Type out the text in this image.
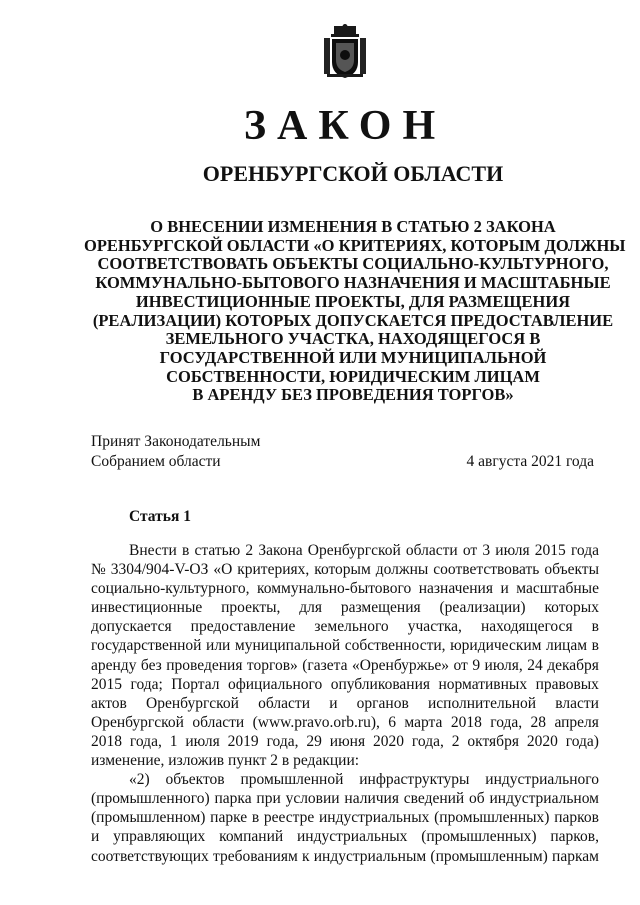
ЗАКОН
ОРЕНБУРГСКОЙ ОБЛАСТИ
О ВНЕСЕНИИ ИЗМЕНЕНИЯ В СТАТЬЮ 2 ЗАКОНА
ОРЕНБУРГСКОЙ ОБЛАСТИ «О КРИТЕРИЯХ, КОТОРЫМ ДОЛЖНЫ
СООТВЕТСТВОВАТЬ ОБЪЕКТЫ СОЦИАЛЬНО-КУЛЬТУРНОГО,
КОММУНАЛЬНО-БЫТОВОГО НАЗНАЧЕНИЯ И МАСШТАБНЫЕ
ИНВЕСТИЦИОННЫЕ ПРОЕКТЫ, ДЛЯ РАЗМЕЩЕНИЯ
(РЕАЛИЗАЦИИ) КОТОРЫХ ДОПУСКАЕТСЯ ПРЕДОСТАВЛЕНИЕ
ЗЕМЕЛЬНОГО УЧАСТКА, НАХОДЯЩЕГОСЯ В
ГОСУДАРСТВЕННОЙ ИЛИ МУНИЦИПАЛЬНОЙ
СОБСТВЕННОСТИ, ЮРИДИЧЕСКИМ ЛИЦАМ
В АРЕНДУ БЕЗ ПРОВЕДЕНИЯ ТОРГОВ»
Принят Законодательным
Собранием области	4 августа 2021 года
Статья 1
Внести в статью 2 Закона Оренбургской области от 3 июля 2015 года
№ 3304/904-V-ОЗ «О критериях, которым должны соответствовать объекты
социально-культурного, коммунально-бытового назначения и масштабные
инвестиционные проекты, для размещения (реализации) которых
допускается предоставление земельного участка, находящегося в
государственной или муниципальной собственности, юридическим лицам в
аренду без проведения торгов» (газета «Оренбуржье» от 9 июля, 24 декабря
2015 года; Портал официального опубликования нормативных правовых
актов Оренбургской области и органов исполнительной власти
Оренбургской области (www.pravo.orb.ru), 6 марта 2018 года, 28 апреля
2018 года, 1 июля 2019 года, 29 июня 2020 года, 2 октября 2020 года)
изменение, изложив пункт 2 в редакции:
«2) объектов промышленной инфраструктуры индустриального
(промышленного) парка при условии наличия сведений об индустриальном
(промышленном) парке в реестре индустриальных (промышленных) парков
и управляющих компаний индустриальных (промышленных) парков,
соответствующих требованиям к индустриальным (промышленным) паркам
